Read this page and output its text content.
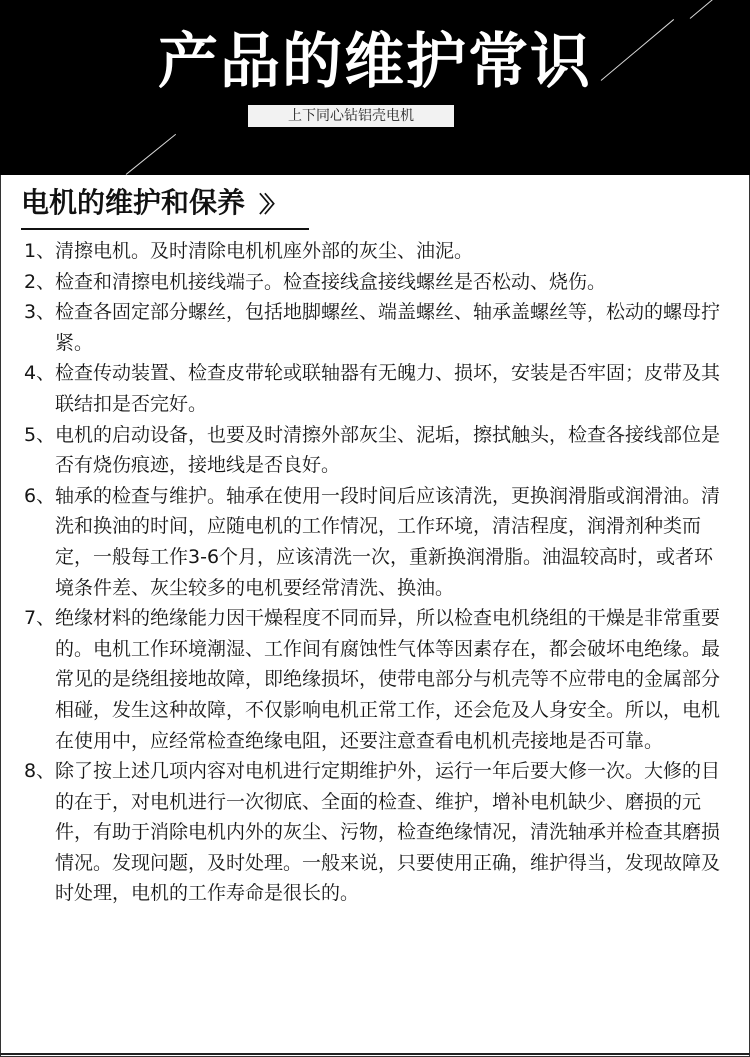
产品的维护常识
上下同心钻铝壳电机
电机的维护和保养 〉〉
1、 清擦电机。及时清除电机机座外部的灰尘、油泥。
2、 检查和清擦电机接线端子。检查接线盒接线螺丝是否松动、烧伤。
3、 检查各固定部分螺丝，包括地脚螺丝、端盖螺丝、轴承盖螺丝等，松动的螺母拧紧。
4、 检查传动装置、检查皮带轮或联轴器有无魄力、损坏，安装是否牢固；皮带及其联结扣是否完好。
5、 电机的启动设备，也要及时清擦外部灰尘、泥垢，擦拭触头，检查各接线部位是否有烧伤痕迹，接地线是否良好。
6、 轴承的检查与维护。轴承在使用一段时间后应该清洗，更换润滑脂或润滑油。清洗和换油的时间，应随电机的工作情况，工作环境，清洁程度，润滑剂种类而定，一般每工作3-6个月，应该清洗一次，重新换润滑脂。油温较高时，或者环境条件差、灰尘较多的电机要经常清洗、换油。
7、 绝缘材料的绝缘能力因干燥程度不同而异，所以检查电机绕组的干燥是非常重要的。电机工作环境潮湿、工作间有腐蚀性气体等因素存在，都会破坏电绝缘。最常见的是绕组接地故障，即绝缘损坏，使带电部分与机壳等不应带电的金属部分相碰，发生这种故障，不仅影响电机正常工作，还会危及人身安全。所以，电机在使用中，应经常检查绝缘电阻，还要注意查看电机机壳接地是否可靠。
8、 除了按上述几项内容对电机进行定期维护外，运行一年后要大修一次。大修的目的在于，对电机进行一次彻底、全面的检查、维护，增补电机缺少、磨损的元件，有助于消除电机内外的灰尘、污物，检查绝缘情况，清洗轴承并检查其磨损情况。发现问题，及时处理。一般来说，只要使用正确，维护得当，发现故障及时处理，电机的工作寿命是很长的。
